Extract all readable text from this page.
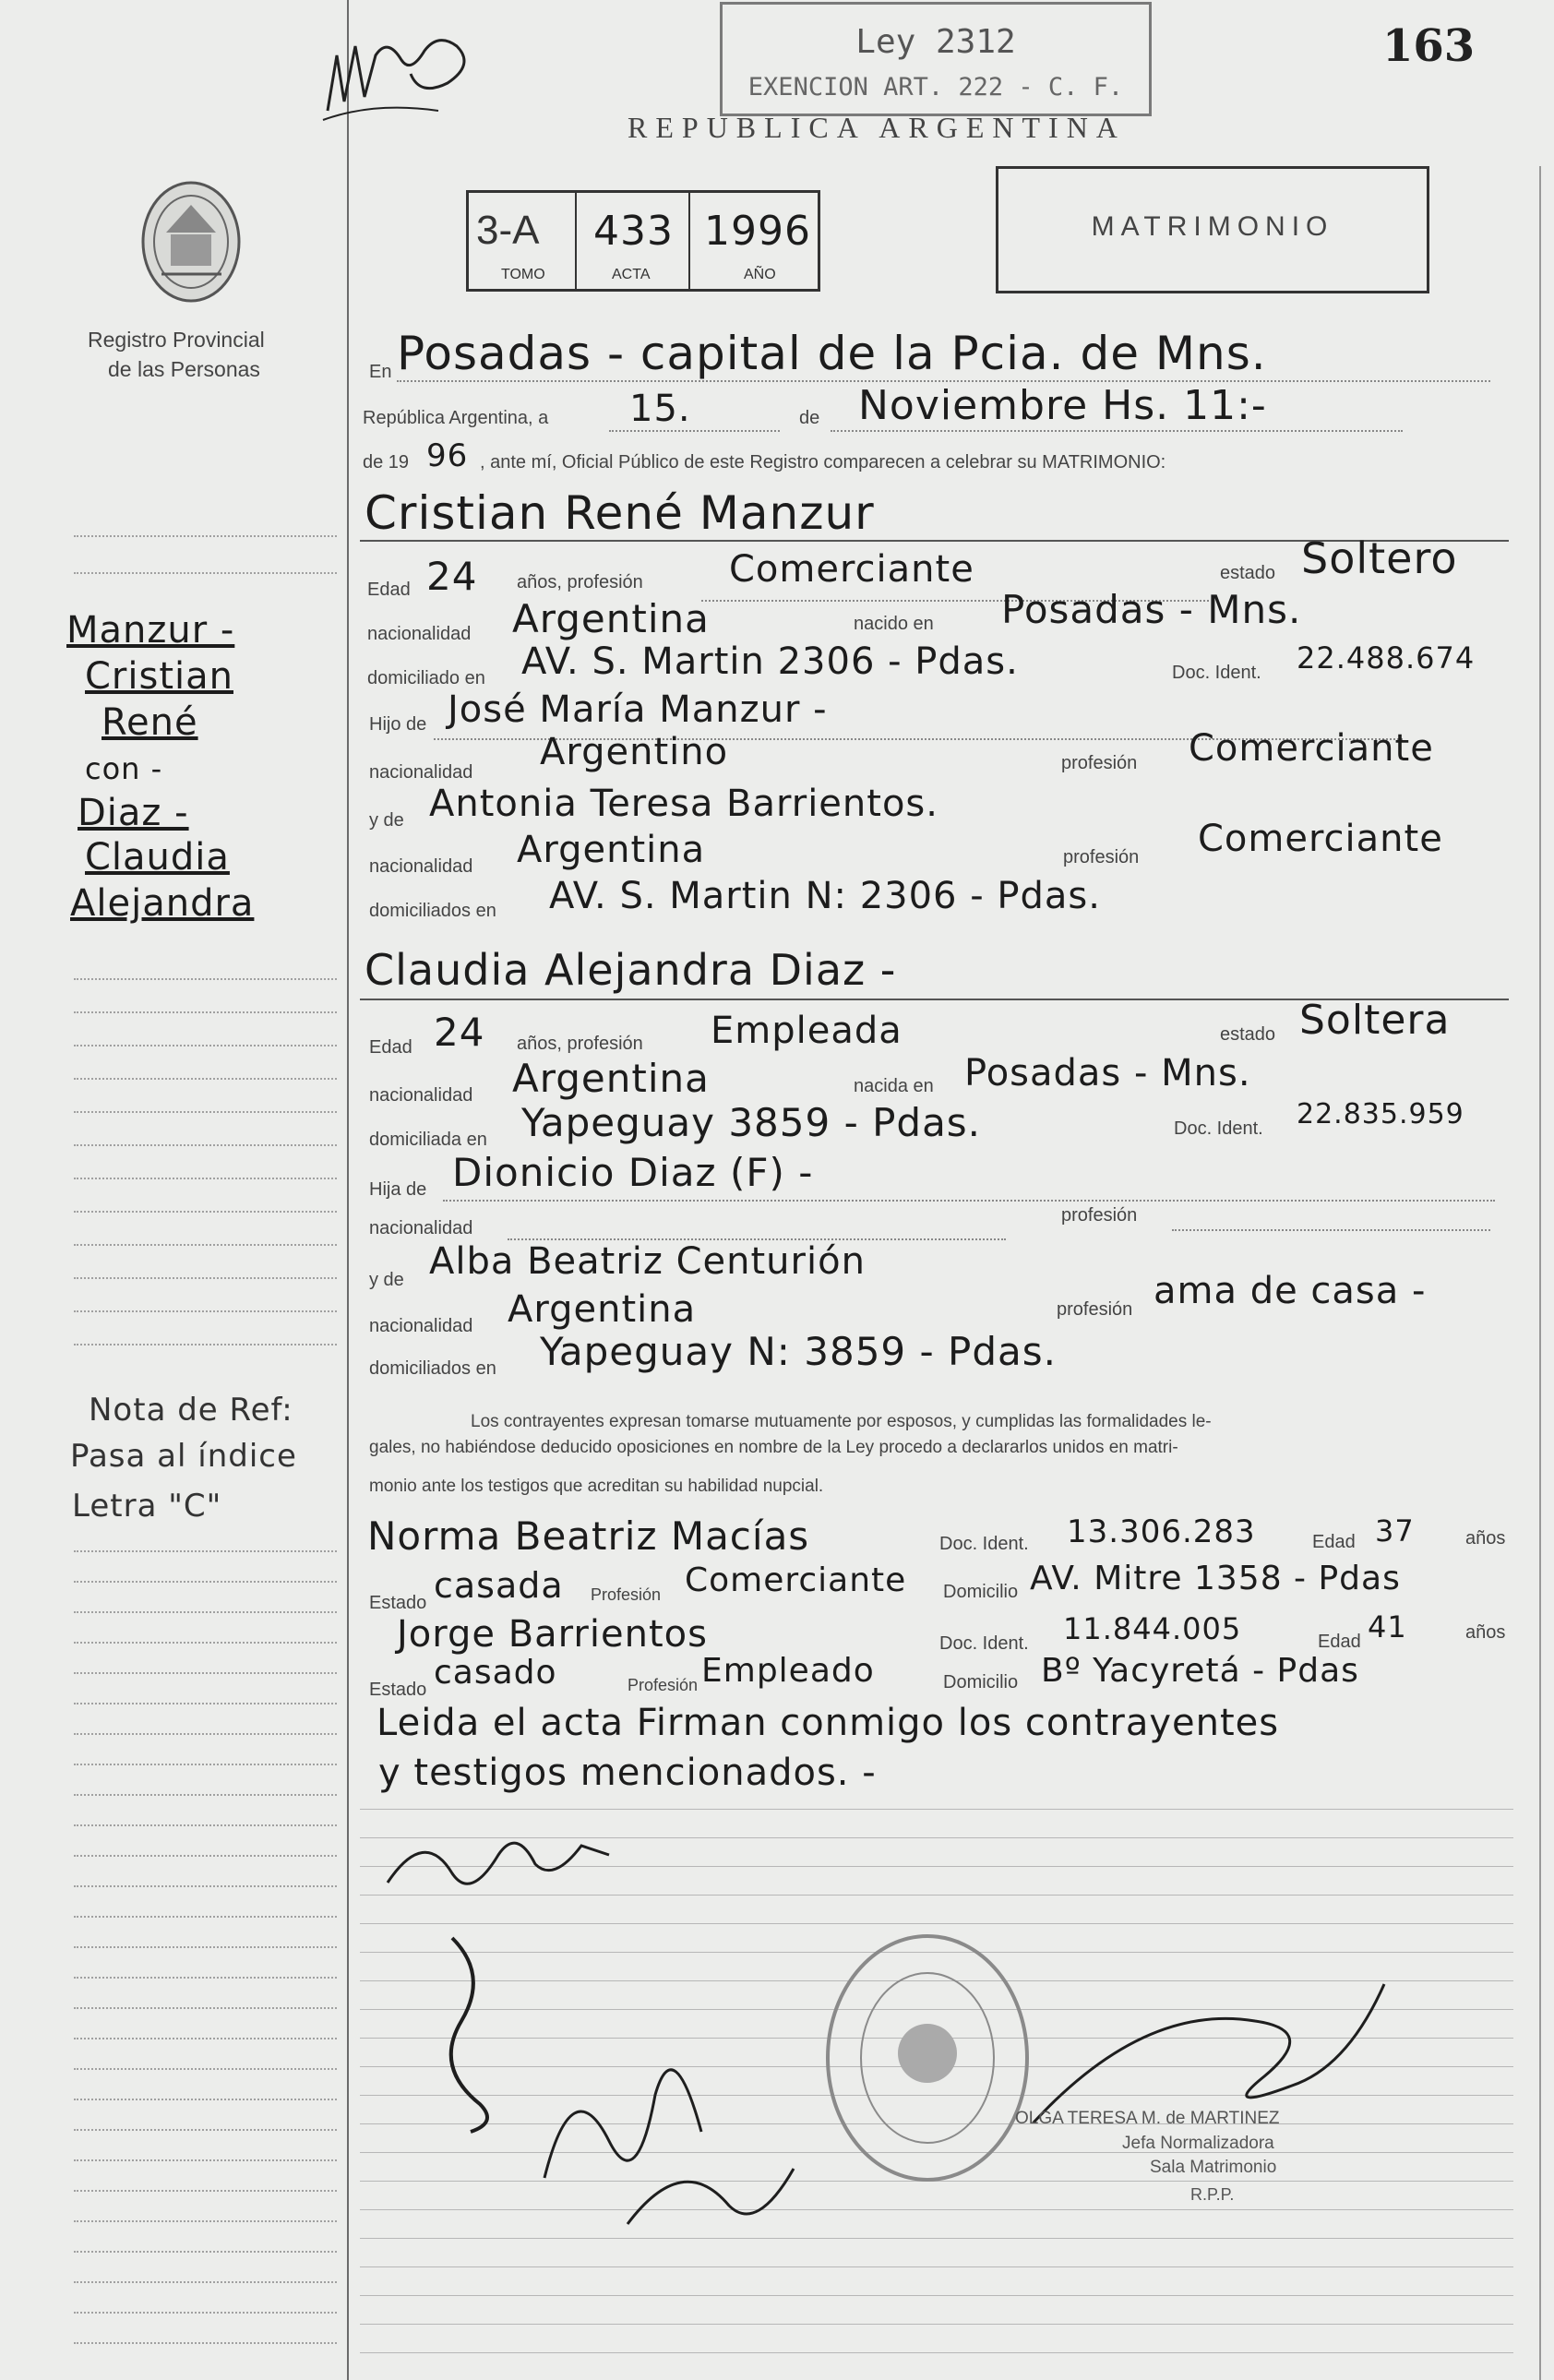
Ley 2312
EXENCION ART. 222 - C. F.
163
REPUBLICA ARGENTINA
Registro Provincial
de las Personas
3-A 433 1996
TOMO	ACTA	AÑO
MATRIMONIO
En Posadas - capital de la Pcia. de Mns.
República Argentina, a 15.	de Noviembre Hs. 11:-
de 19 96 , ante mí, Oficial Público de este Registro comparecen a celebrar su MATRIMONIO:
Cristian René Manzur
Edad 24 años, profesión Comerciante	estado Soltero
nacionalidad Argentina	nacido en Posadas - Mns.
domiciliado en AV. S. Martin 2306 - Pdas.	Doc. Ident. 22.488.674
Hijo de José María Manzur -
nacionalidad Argentino	profesión Comerciante
y de Antonia Teresa Barrientos.
nacionalidad Argentina	profesión Comerciante
domiciliados en AV. S. Martin N: 2306 - Pdas.
Claudia Alejandra Diaz -
Edad 24 años, profesión Empleada	estado Soltera
nacionalidad Argentina	nacida en Posadas - Mns.
domiciliada en Yapeguay 3859 - Pdas.	Doc. Ident. 22.835.959
Hija de Dionicio Diaz (F) -
nacionalidad
profesión
y de Alba Beatriz Centurión
nacionalidad Argentina	profesión ama de casa -
domiciliados en Yapeguay N: 3859 - Pdas.
Los contrayentes expresan tomarse mutuamente por esposos, y cumplidas las formalidades le-
gales, no habiéndose deducido oposiciones en nombre de la Ley procedo a declararlos unidos en matri-
monio ante los testigos que acreditan su habilidad nupcial.
Norma Beatriz Macías	Doc. Ident. 13.306.283	Edad 37	años
Estado casada Profesión Comerciante Domicilio AV. Mitre 1358 - Pdas
Jorge Barrientos	Doc. Ident. 11.844.005	Edad 41	años
Estado casado	Profesión Empleado	Domicilio Bº Yacyretá - Pdas
Leida el acta Firman conmigo los contrayentes
y testigos mencionados. -
Manzur -
Cristian
René
con -
Diaz -
Claudia
Alejandra
Nota de Ref:
Pasa al índice
Letra "C"
OLGA TERESA M. de MARTINEZ
Jefa Normalizadora
Sala Matrimonio
R.P.P.
